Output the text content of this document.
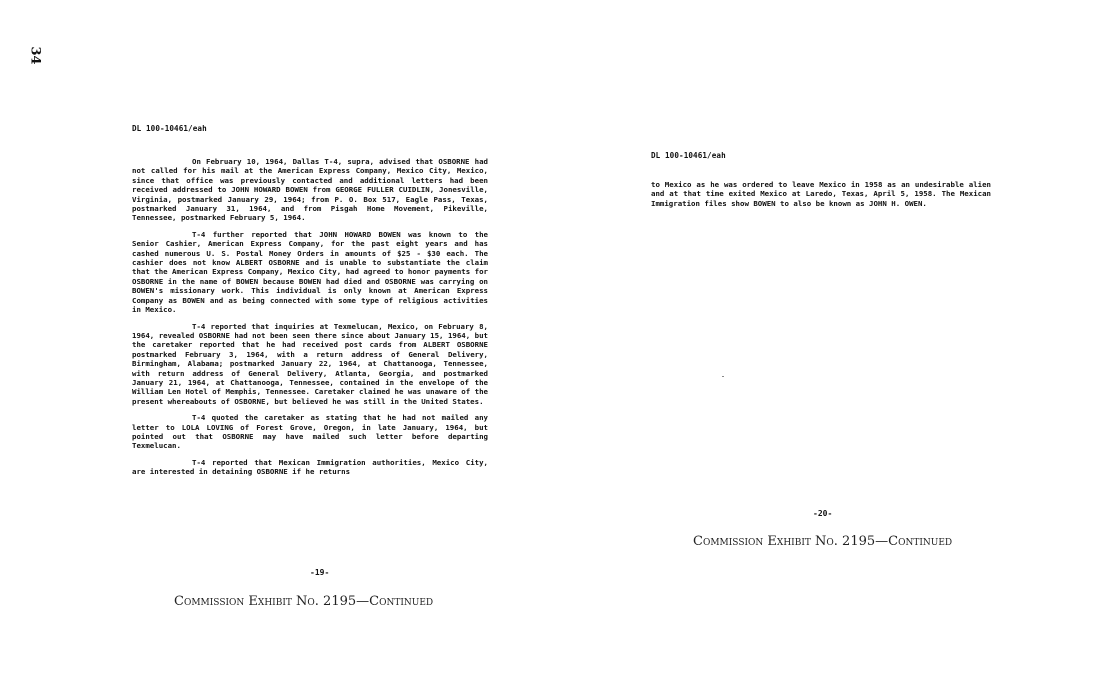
34
DL 100-10461/eah

On February 10, 1964, Dallas T-4, supra, advised that OSBORNE had not called for his mail at the American Express Company, Mexico City, Mexico, since that office was previously contacted and additional letters had been received addressed to JOHN HOWARD BOWEN from GEORGE FULLER CUIDLIN, Jonesville, Virginia, postmarked January 29, 1964; from P. O. Box 517, Eagle Pass, Texas, postmarked January 31, 1964, and from Pisgah Home Movement, Pikeville, Tennessee, postmarked February 5, 1964.

T-4 further reported that JOHN HOWARD BOWEN was known to the Senior Cashier, American Express Company, for the past eight years and has cashed numerous U. S. Postal Money Orders in amounts of $25 - $30 each. The cashier does not know ALBERT OSBORNE and is unable to substantiate the claim that the American Express Company, Mexico City, had agreed to honor payments for OSBORNE in the name of BOWEN because BOWEN had died and OSBORNE was carrying on BOWEN's missionary work. This individual is only known at American Express Company as BOWEN and as being connected with some type of religious activities in Mexico.

T-4 reported that inquiries at Texmelucan, Mexico, on February 8, 1964, revealed OSBORNE had not been seen there since about January 15, 1964, but the caretaker reported that he had received post cards from ALBERT OSBORNE postmarked February 3, 1964, with a return address of General Delivery, Birmingham, Alabama; postmarked January 22, 1964, at Chattanooga, Tennessee, with return address of General Delivery, Atlanta, Georgia, and postmarked January 21, 1964, at Chattanooga, Tennessee, contained in the envelope of the William Len Hotel of Memphis, Tennessee. Caretaker claimed he was unaware of the present whereabouts of OSBORNE, but believed he was still in the United States.

T-4 quoted the caretaker as stating that he had not mailed any letter to LOLA LOVING of Forest Grove, Oregon, in late January, 1964, but pointed out that OSBORNE may have mailed such letter before departing Texmelucan.

T-4 reported that Mexican Immigration authorities, Mexico City, are interested in detaining OSBORNE if he returns

-19-
Commission Exhibit No. 2195—Continued
DL 100-10461/eah

to Mexico as he was ordered to leave Mexico in 1958 as an undesirable alien and at that time exited Mexico at Laredo, Texas, April 5, 1958. The Mexican Immigration files show BOWEN to also be known as JOHN H. OWEN.

-20-
Commission Exhibit No. 2195—Continued
